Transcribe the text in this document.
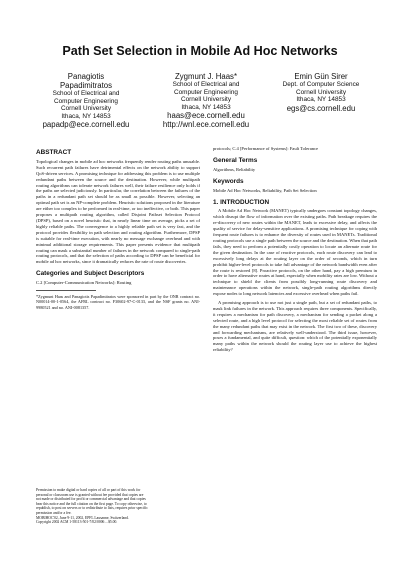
Path Set Selection in Mobile Ad Hoc Networks
Panagiotis
Papadimitratos
School of Electrical and
Computer Engineering
Cornell University
Ithaca, NY 14853
papadp@ece.cornell.edu
Zygmunt J. Haas*
School of Electrical and
Computer Engineering
Cornell University
Ithaca, NY 14853
haas@ece.cornell.edu
http://wnl.ece.cornell.edu
Emin Gün Sirer
Dept. of Computer Science
Cornell University
Ithaca, NY 14853
egs@cs.cornell.edu
ABSTRACT

Topological changes in mobile ad hoc networks frequently render routing paths unusable. Such recurrent path failures have detrimental effects on the network ability to support QoS-driven services. A promising technique for addressing this problem is to use multiple redundant paths between the source and the destination. However, while multipath routing algorithms can tolerate network failures well, their failure resilience only holds if the paths are selected judiciously. In particular, the correlation between the failures of the paths in a redundant path set should be as small as possible. However, selecting an optimal path set is an NP-complete problem. Heuristic solutions proposed in the literature are either too complex to be performed in real-time, or too ineffective, or both. This paper proposes a multipath routing algorithm, called Disjoint Pathset Selection Protocol (DPSP), based on a novel heuristic that, in nearly linear time on average, picks a set of highly reliable paths. The convergence to a highly reliable path set is very fast, and the protocol provides flexibility in path selection and routing algorithm. Furthermore, DPSP is suitable for real-time execution, with nearly no message exchange overhead and with minimal additional storage requirements. This paper presents evidence that multipath routing can mask a substantial number of failures in the network compared to single-path routing protocols, and that the selection of paths according to DPSP can be beneficial for mobile ad hoc networks, since it dramatically reduces the rate of route discoveries.

Categories and Subject Descriptors

C.2 [Computer-Communication Networks]: Routing

*Zygmunt Haas and Panagiotis Papadimitratos were sponsored in part by the ONR contract no. N00014-00-1-0564, the AFRL contract no. F30602-97-C-0133, and the NSF grants no. ANI-9980521 and no. ANI-0081357.

Permission to make digital or hard copies of all or part of this work for
personal or classroom use is granted without fee provided that copies are
not made or distributed for profit or commercial advantage and that copies
bear this notice and the full citation on the first page. To copy otherwise, to
republish, to post on servers or to redistribute to lists, requires prior specific
permission and/or a fee.
MOBIHOC'02, June 9-11, 2002, EPFL Lausanne, Switzerland.
Copyright 2002 ACM 1-58113-501-7/02/0006 ...$5.00.

protocols; C.4 [Performance of Systems]: Fault Tolerance

General Terms

Algorithms, Reliability

Keywords

Mobile Ad Hoc Networks, Reliability, Path Set Selection

1. INTRODUCTION

A Mobile Ad Hoc Network (MANET) typically undergoes constant topology changes, which disrupt the flow of information over the existing paths. Path breakage requires the re-discovery of new routes within the MANET, leads to excessive delay, and affects the quality of service for delay-sensitive applications. A promising technique for coping with frequent route failures is to enhance the diversity of routes used in MANETs. Traditional routing protocols use a single path between the source and the destination. When that path fails, they need to perform a potentially costly operation to locate an alternate route for the given destination. In the case of reactive protocols, each route discovery can lead to excessively long delays at the routing layer on the order of seconds, which in turn prohibit higher-level protocols to take full advantage of the network bandwidth even after the route is restored [8]. Proactive protocols, on the other hand, pay a high premium in order to have alternative routes at hand, especially when mobility rates are low. Without a technique to shield the clients from possibly long-running route discovery and maintenance operations within the network, single-path routing algorithms directly expose nodes to long network latencies and excessive overhead when paths fail.

A promising approach is to use not just a single path, but a set of redundant paths, to mask link failures in the network. This approach requires three components. Specifically, it requires a mechanism for path discovery, a mechanism for sending a packet along a selected route, and a high level protocol for selecting the most reliable set of routes from the many redundant paths that may exist in the network. The first two of these, discovery and forwarding mechanisms, are relatively well-understood. The third issue, however, poses a fundamental, and quite difficult, question: which of the potentially exponentially many paths within the network should the routing layer use to achieve the highest reliability?
